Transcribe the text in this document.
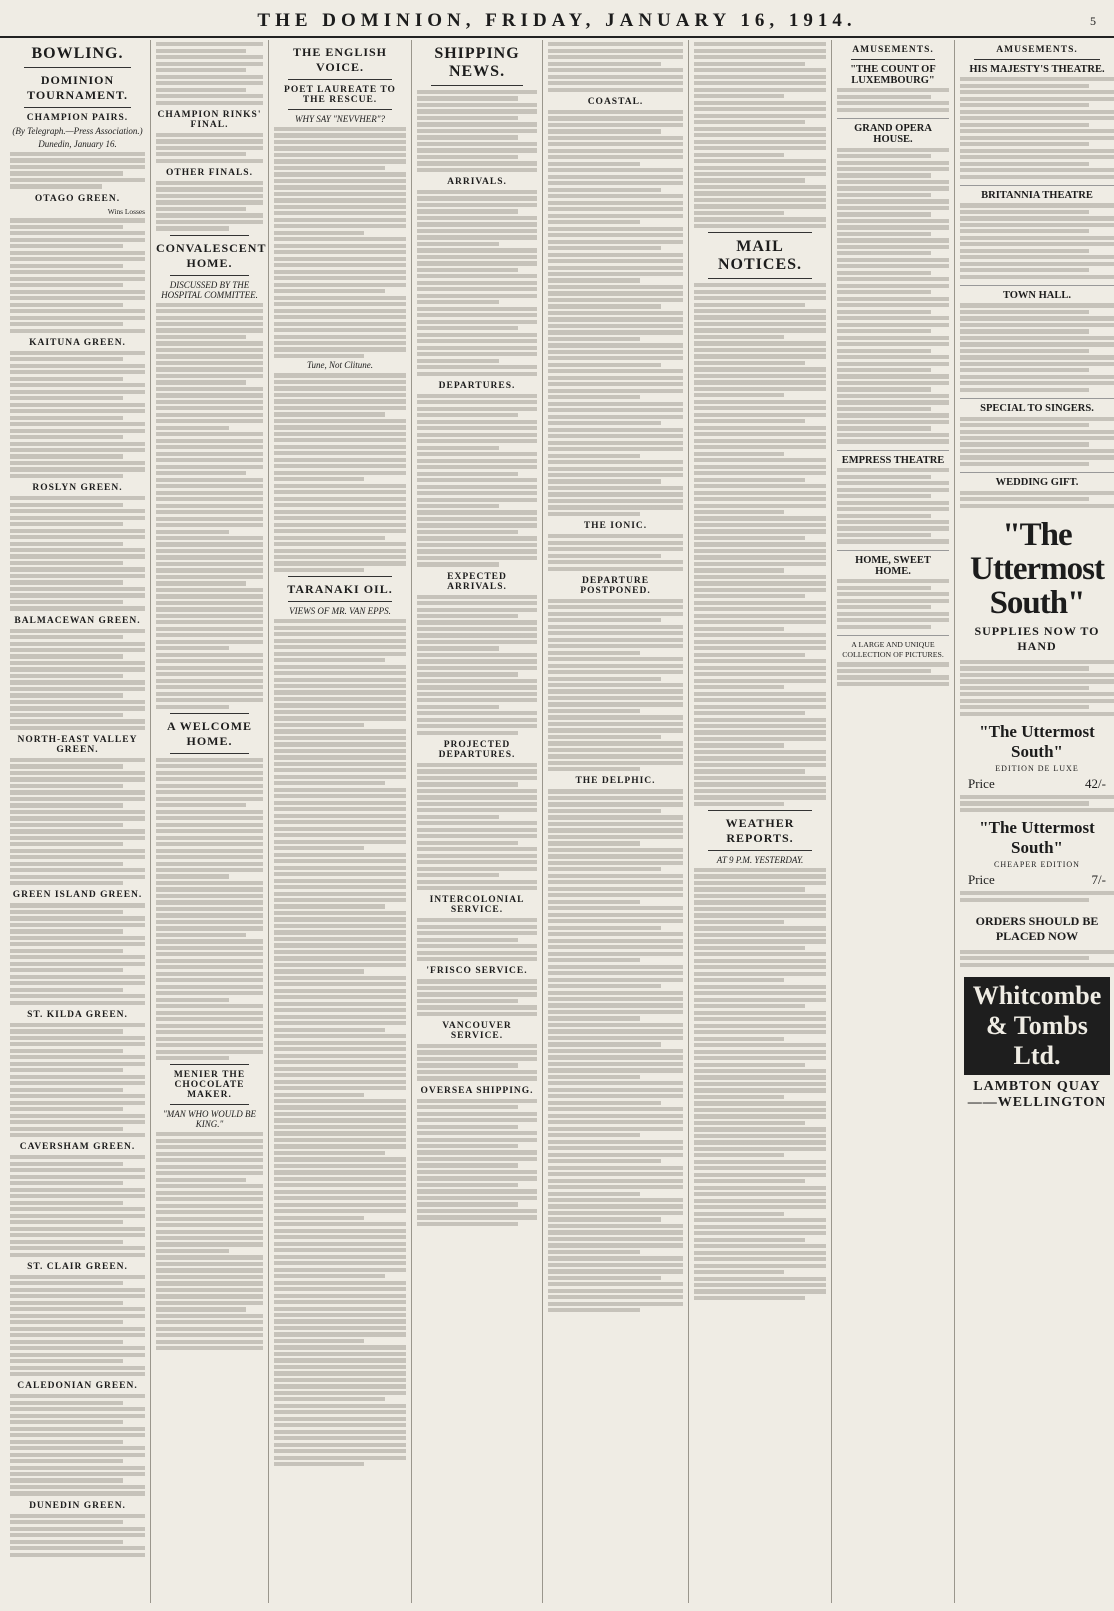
THE DOMINION, FRIDAY, JANUARY 16, 1914.	5
BOWLING.
DOMINION TOURNAMENT.
CHAMPION PAIRS.
(By Telegraph.—Press Association.)
Dunedin, January 16.
OTAGO GREEN.
Wins Losses
KAITUNA GREEN.
ROSLYN GREEN.
BALMACEWAN GREEN.
NORTH-EAST VALLEY GREEN.
GREEN ISLAND GREEN.
ST. KILDA GREEN.
CAVERSHAM GREEN.
ST. CLAIR GREEN.
CALEDONIAN GREEN.
DUNEDIN GREEN.
CHAMPION RINKS' FINAL.
OTHER FINALS.
CONVALESCENT HOME.
DISCUSSED BY THE HOSPITAL COMMITTEE.
A WELCOME HOME.
MENIER THE CHOCOLATE MAKER.
"MAN WHO WOULD BE KING."
THE ENGLISH VOICE.
POET LAUREATE TO THE RESCUE.
WHY SAY "NEVVHER"?
Tune, Not Clitune.
TARANAKI OIL.
VIEWS OF MR. VAN EPPS.
SHIPPING NEWS.
ARRIVALS.
DEPARTURES.
EXPECTED ARRIVALS.
PROJECTED DEPARTURES.
INTERCOLONIAL SERVICE.
'FRISCO SERVICE.
VANCOUVER SERVICE.
OVERSEA SHIPPING.
COASTAL.
THE IONIC.
DEPARTURE POSTPONED.
THE DELPHIC.
MAIL NOTICES.
WEATHER REPORTS.
AT 9 P.M. YESTERDAY.
AMUSEMENTS.
"THE COUNT OF LUXEMBOURG"
GRAND OPERA HOUSE.
EMPRESS THEATRE
HOME, SWEET HOME.
A LARGE AND UNIQUE COLLECTION OF PICTURES.
AMUSEMENTS.
HIS MAJESTY'S THEATRE.
BRITANNIA THEATRE
TOWN HALL.
SPECIAL TO SINGERS.
WEDDING GIFT.
"The Uttermost South"
SUPPLIES NOW TO HAND
"The Uttermost South"
EDITION DE LUXE
Price	42/-
"The Uttermost South"
CHEAPER EDITION
Price	7/-
ORDERS SHOULD BE PLACED NOW
Whitcombe & Tombs Ltd.
LAMBTON QUAY——WELLINGTON
